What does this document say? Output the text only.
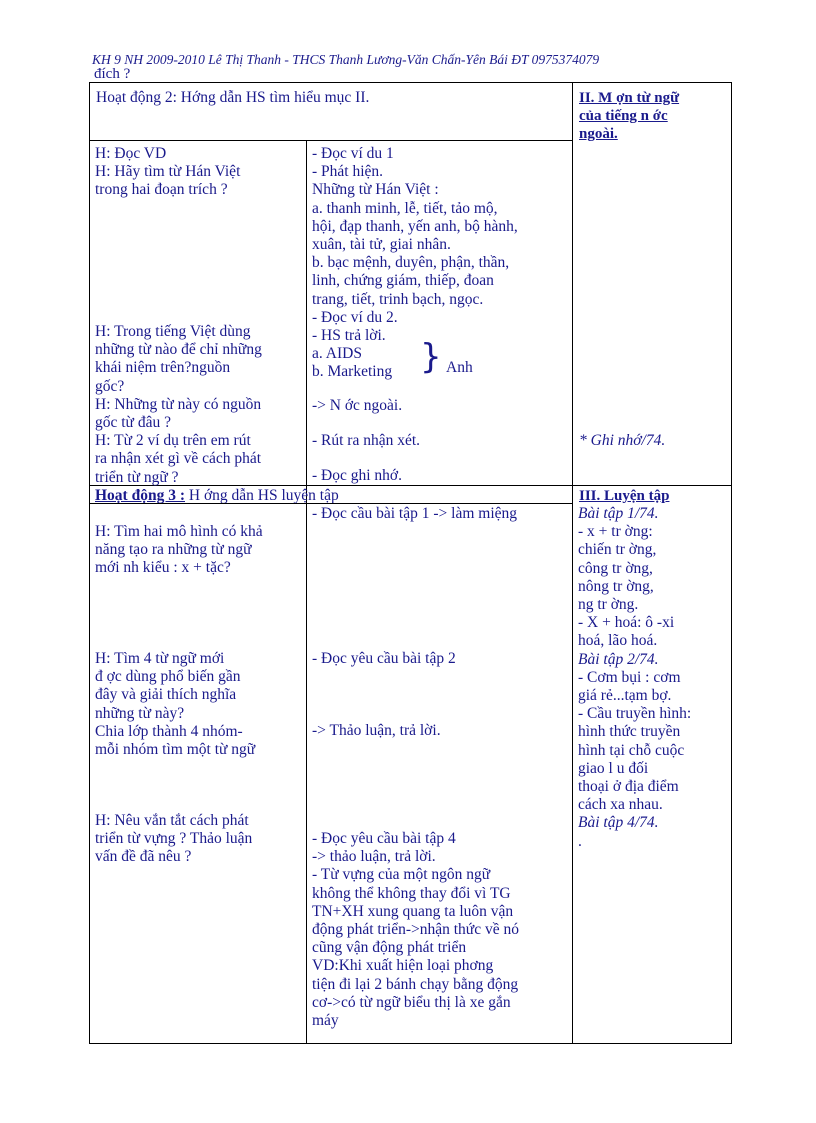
KH 9 NH 2009-2010 Lê Thị Thanh - THCS Thanh Lương-Văn Chấn-Yên Bái ĐT 0975374079
đích ?
Hoạt động 2: Hớng dẫn HS tìm hiểu mục II.	II. M ợn từ ngữ
của tiếng n ớc
ngoài.
H: Đọc VD
H: Hãy tìm từ Hán Việt
trong hai đoạn trích ?
H: Trong tiếng Việt dùng
những từ nào để chỉ những
khái niệm trên?nguồn
gốc?
H: Những từ này có nguồn
gốc từ đâu ?
H: Từ 2 ví dụ trên em rút
ra nhận xét gì về cách phát
triển từ ngữ ?
- Đọc ví du 1
- Phát hiện.
Những từ Hán Việt :
a. thanh minh, lễ, tiết, tảo mộ,
hội, đạp thanh, yến anh, bộ hành,
xuân, tài tử, giai nhân.
b. bạc mệnh, duyên, phận, thần,
linh, chứng giám, thiếp, đoan
trang, tiết, trinh bạch, ngọc.
- Đọc ví du 2.
- HS trả lời.
a. AIDS
b. Marketing } Anh
-> N ớc ngoài.
- Rút ra nhận xét.
- Đọc ghi nhớ.
* Ghi nhớ/74.
Hoạt động 3 : H ớng dẫn HS luyện tập	III. Luyện tập
H: Tìm hai mô hình có khả
năng tạo ra những từ ngữ
mới nh kiểu : x + tặc?
H: Tìm 4 từ ngữ mới
đ ợc dùng phổ biến gần
đây và giải thích nghĩa
những từ này?
Chia lớp thành 4 nhóm-
mỗi nhóm tìm một từ ngữ
H: Nêu vắn tắt cách phát
triển từ vựng ? Thảo luận
vấn đề đã nêu ?
- Đọc cầu bài tập 1 -> làm miệng
- Đọc yêu cầu bài tập 2
-> Thảo luận, trả lời.
- Đọc yêu cầu bài tập 4
-> thảo luận, trả lời.
- Từ vựng của một ngôn ngữ
không thể không thay đổi vì TG
TN+XH xung quang ta luôn vận
động phát triển->nhận thức về nó
cũng vận động phát triển
VD:Khi xuất hiện loại phơng
tiện đi lại 2 bánh chạy bằng động
cơ->có từ ngữ biểu thị là xe gắn
máy
Bài tập 1/74.
- x + tr ờng:
chiến tr ờng,
công tr ờng,
nông tr ờng,
ng tr ờng.
- X + hoá: ô -xi
hoá, lão hoá.
Bài tập 2/74.
- Cơm bụi : cơm
giá rẻ...tạm bợ.
- Cầu truyền hình:
hình thức truyền
hình tại chỗ cuộc
giao l u đối
thoại ở địa điểm
cách xa nhau.
Bài tập 4/74.
.
